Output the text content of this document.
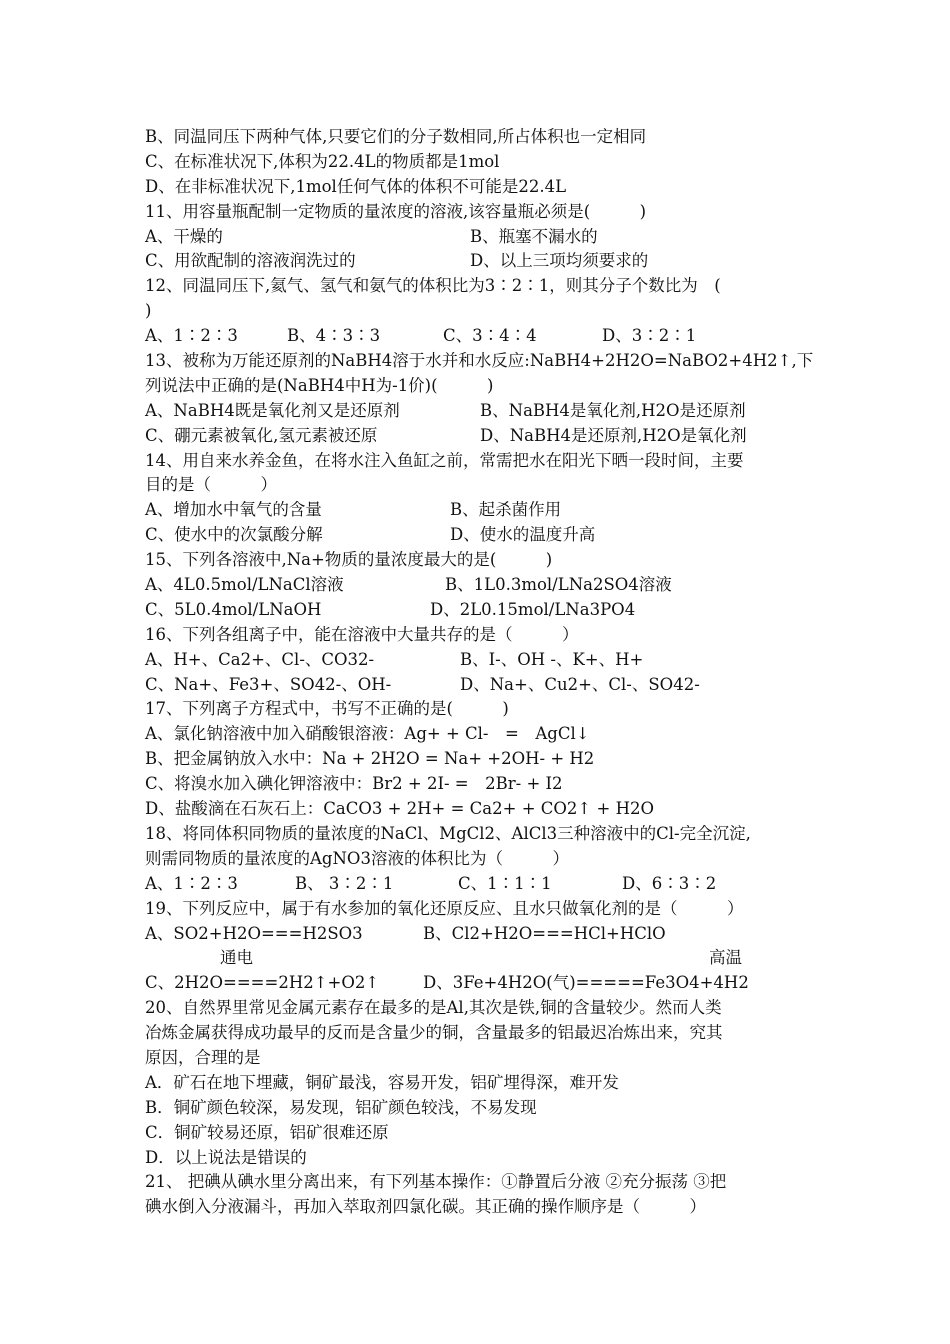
B、同温同压下两种气体,只要它们的分子数相同,所占体积也一定相同
C、在标准状况下,体积为22.4L的物质都是1mol
D、在非标准状况下,1mol任何气体的体积不可能是22.4L
11、用容量瓶配制一定物质的量浓度的溶液,该容量瓶必须是(　　　)
A、干燥的	B、瓶塞不漏水的
C、用欲配制的溶液润洗过的	D、以上三项均须要求的
12、同温同压下,氦气、氢气和氨气的体积比为3∶2∶1，则其分子个数比为　(
)
A、1∶2∶3	B、4∶3∶3	C、3∶4∶4	D、3∶2∶1
13、被称为万能还原剂的NaBH4溶于水并和水反应:NaBH4+2H2O=NaBO2+4H2↑,下
列说法中正确的是(NaBH4中H为-1价)(　　　)
A、NaBH4既是氧化剂又是还原剂	B、NaBH4是氧化剂,H2O是还原剂
C、硼元素被氧化,氢元素被还原	D、NaBH4是还原剂,H2O是氧化剂
14、用自来水养金鱼，在将水注入鱼缸之前，常需把水在阳光下晒一段时间，主要
目的是（　　　）
A、增加水中氧气的含量	B、起杀菌作用
C、使水中的次氯酸分解	D、使水的温度升高
15、下列各溶液中,Na+物质的量浓度最大的是(　　　)
A、4L0.5mol/LNaCl溶液	B、1L0.3mol/LNa2SO4溶液
C、5L0.4mol/LNaOH	D、2L0.15mol/LNa3PO4
16、下列各组离子中，能在溶液中大量共存的是（　　　）
A、H+、Ca2+、Cl-、CO32-	B、I-、OH -、K+、H+
C、Na+、Fe3+、SO42-、OH-	D、Na+、Cu2+、Cl-、SO42-
17、下列离子方程式中，书写不正确的是(　　　)
A、氯化钠溶液中加入硝酸银溶液：Ag+ + Cl-　=　AgCl↓
B、把金属钠放入水中：Na + 2H2O = Na+ +2OH- + H2
C、将溴水加入碘化钾溶液中：Br2 + 2I- =　2Br- + I2
D、盐酸滴在石灰石上：CaCO3 + 2H+ = Ca2+ + CO2↑ + H2O
18、将同体积同物质的量浓度的NaCl、MgCl2、AlCl3三种溶液中的Cl-完全沉淀,
则需同物质的量浓度的AgNO3溶液的体积比为（　　　）
A、1∶2∶3	B、 3∶2∶1	C、1∶1∶1	D、6∶3∶2
19、下列反应中，属于有水参加的氧化还原反应、且水只做氧化剂的是（　　　）
A、SO2+H2O===H2SO3	B、Cl2+H2O===HCl+HClO
通电	高温
C、2H2O====2H2↑+O2↑	D、3Fe+4H2O(气)=====Fe3O4+4H2
20、自然界里常见金属元素存在最多的是Al,其次是铁,铜的含量较少。然而人类
冶炼金属获得成功最早的反而是含量少的铜，含量最多的铝最迟冶炼出来，究其
原因，合理的是
A．矿石在地下埋藏，铜矿最浅，容易开发，铝矿埋得深，难开发
B．铜矿颜色较深，易发现，铝矿颜色较浅，不易发现
C．铜矿较易还原，铝矿很难还原
D．以上说法是错误的
21、 把碘从碘水里分离出来，有下列基本操作：①静置后分液 ②充分振荡 ③把
碘水倒入分液漏斗，再加入萃取剂四氯化碳。其正确的操作顺序是（　　　）
